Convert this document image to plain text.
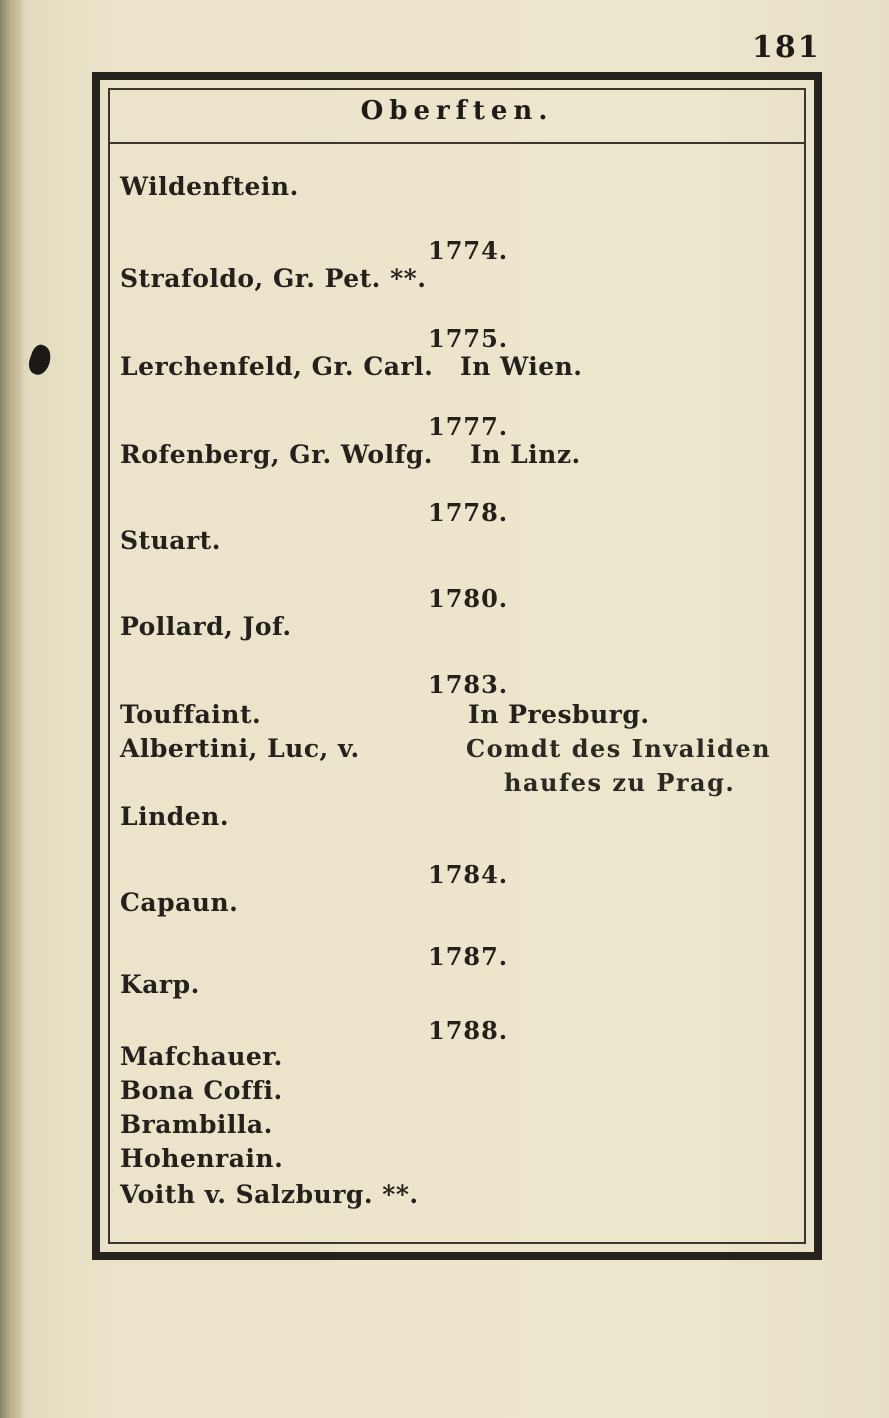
181
Oberften.
Wildenftein.
1774.
Strafoldo, Gr. Pet. **.
1775.
Lerchenfeld, Gr. Carl. In Wien.
1777.
Rofenberg, Gr. Wolfg. In Linz.
1778.
Stuart.
1780.
Pollard, Jof.
1783.
Touffaint.	In Presburg.
Albertini, Luc, v.	Comdt des Invaliden
haufes zu Prag.
Linden.
1784.
Capaun.
1787.
Karp.
1788.
Mafchauer.
Bona Coffi.
Brambilla.
Hohenrain.
Voith v. Salzburg. **.
